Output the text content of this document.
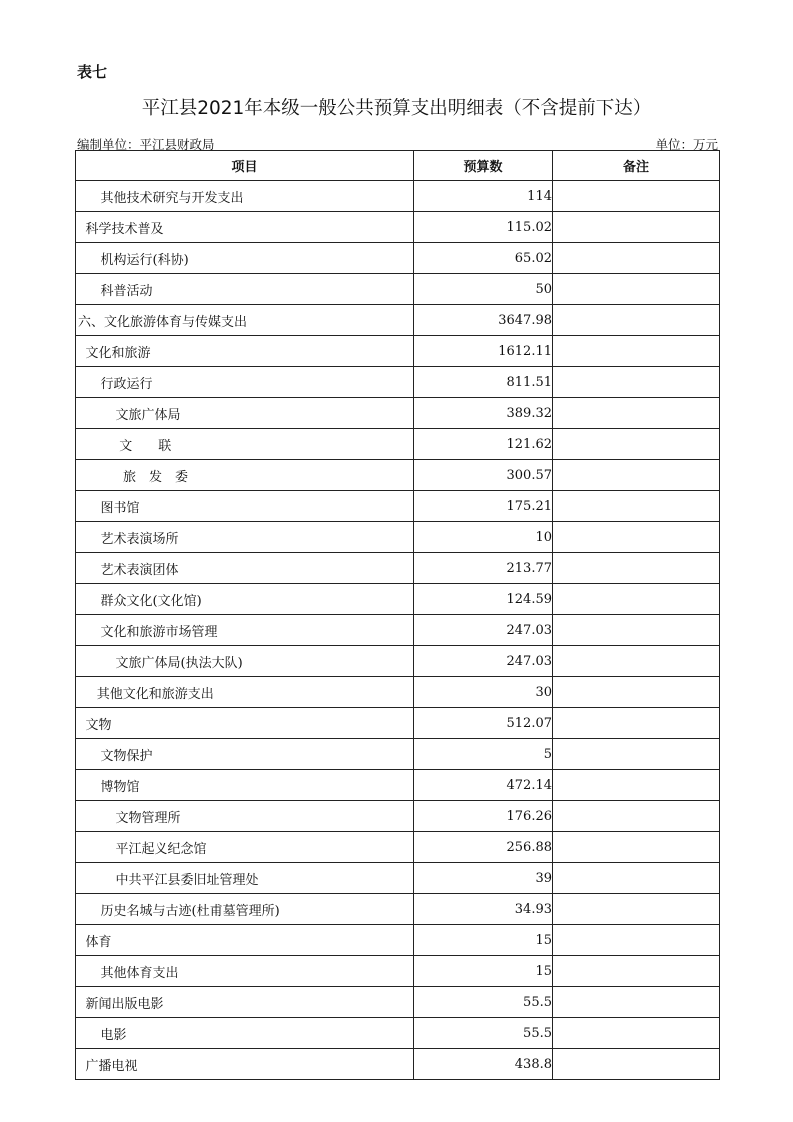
表七
平江县2021年本级一般公共预算支出明细表（不含提前下达）
编制单位：平江县财政局	单位：万元
项目	预算数	备注
其他技术研究与开发支出	114	
科学技术普及	115.02	
机构运行(科协)	65.02	
科普活动	50	
六、文化旅游体育与传媒支出	3647.98	
文化和旅游	1612.11	
行政运行	811.51	
文旅广体局	389.32	
文　　联	121.62	
旅　发　委	300.57	
图书馆	175.21	
艺术表演场所	10	
艺术表演团体	213.77	
群众文化(文化馆)	124.59	
文化和旅游市场管理	247.03	
文旅广体局(执法大队)	247.03	
其他文化和旅游支出	30	
文物	512.07	
文物保护	5	
博物馆	472.14	
文物管理所	176.26	
平江起义纪念馆	256.88	
中共平江县委旧址管理处	39	
历史名城与古迹(杜甫墓管理所)	34.93	
体育	15	
其他体育支出	15	
新闻出版电影	55.5	
电影	55.5	
广播电视	438.8	
